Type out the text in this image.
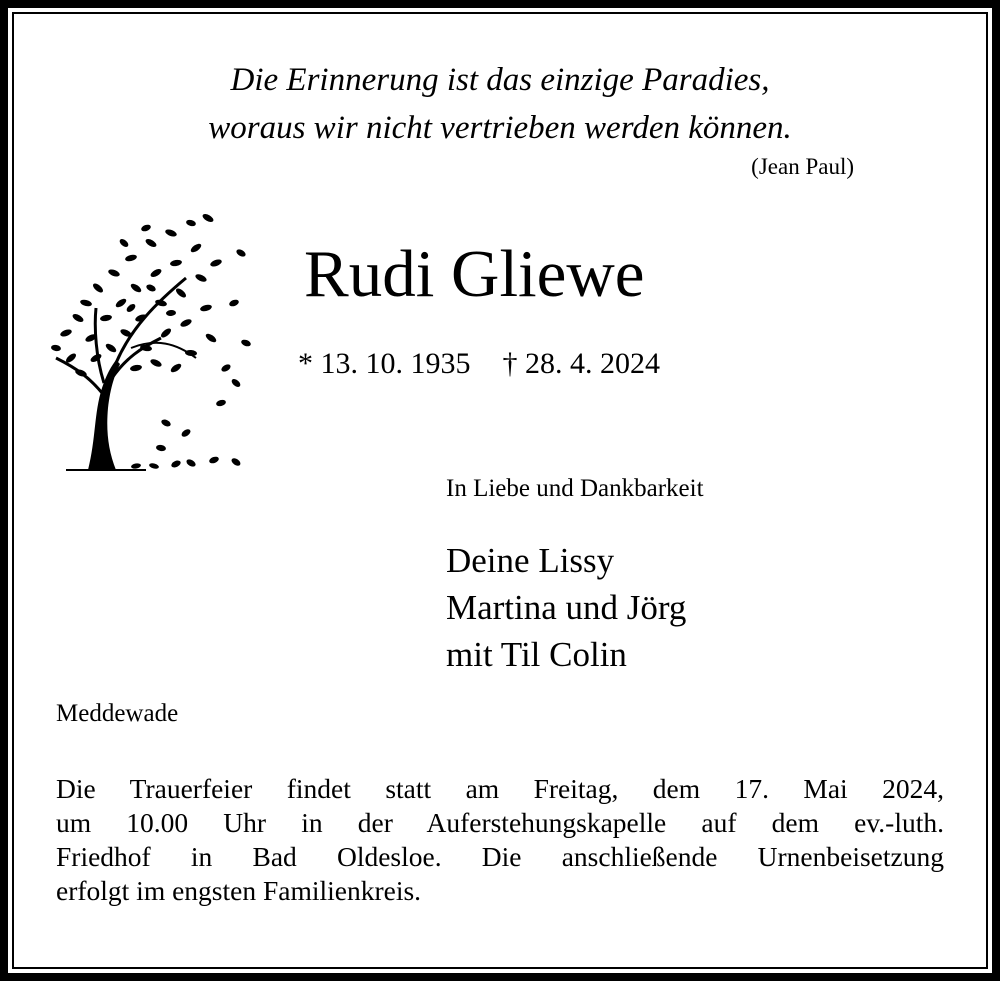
Die Erinnerung ist das einzige Paradies,
woraus wir nicht vertrieben werden können.
(Jean Paul)
Rudi Gliewe
* 13. 10. 1935 † 28. 4. 2024
In Liebe und Dankbarkeit
Deine Lissy
Martina und Jörg
mit Til Colin
Meddewade
Die Trauerfeier findet statt am Freitag, dem 17. Mai 2024,
um 10.00 Uhr in der Auferstehungskapelle auf dem ev.-luth.
Friedhof in Bad Oldesloe. Die anschließende Urnenbeisetzung
erfolgt im engsten Familienkreis.
